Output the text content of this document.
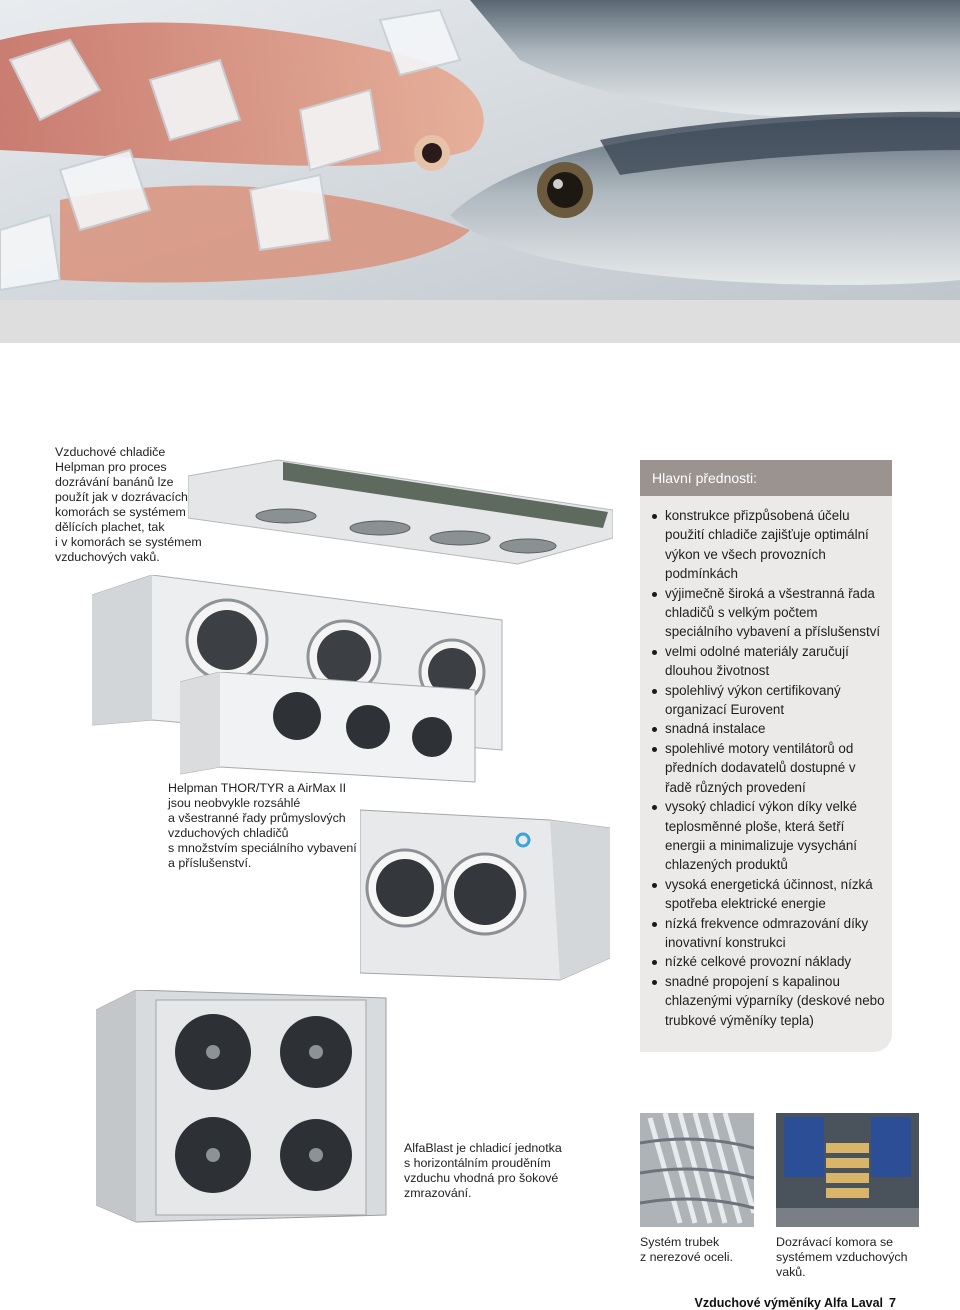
Vzduchové chladiče
Helpman pro proces
dozrávání banánů lze
použít jak v dozrávacích
komorách se systémem
dělících plachet, tak
i v komorách se systémem
vzduchových vaků.
Helpman THOR/TYR a AirMax II
jsou neobvykle rozsáhlé
a všestranné řady průmyslových
vzduchových chladičů
s množstvím speciálního vybavení
a příslušenství.
AlfaBlast je chladicí jednotka
s horizontálním prouděním
vzduchu vhodná pro šokové
zmrazování.
Systém trubek
z nerezové oceli.
Dozrávací komora se
systémem vzduchových
vaků.
Hlavní přednosti:
konstrukce přizpůsobená účelu použití chladiče zajišťuje optimální výkon ve všech provozních podmínkách
výjimečně široká a všestranná řada chladičů s velkým počtem speciálního vybavení a příslušenství
velmi odolné materiály zaručují dlouhou životnost
spolehlivý výkon certifikovaný organizací Eurovent
snadná instalace
spolehlivé motory ventilátorů od předních dodavatelů dostupné v řadě různých provedení
vysoký chladicí výkon díky velké teplosměnné ploše, která šetří energii a minimalizuje vysychání chlazených produktů
vysoká energetická účinnost, nízká spotřeba elektrické energie
nízká frekvence odmrazování díky inovativní konstrukci
nízké celkové provozní náklady
snadné propojení s kapalinou chlazenými výparníky (deskové nebo trubkové výměníky tepla)
Vzduchové výměníky Alfa Laval 7
